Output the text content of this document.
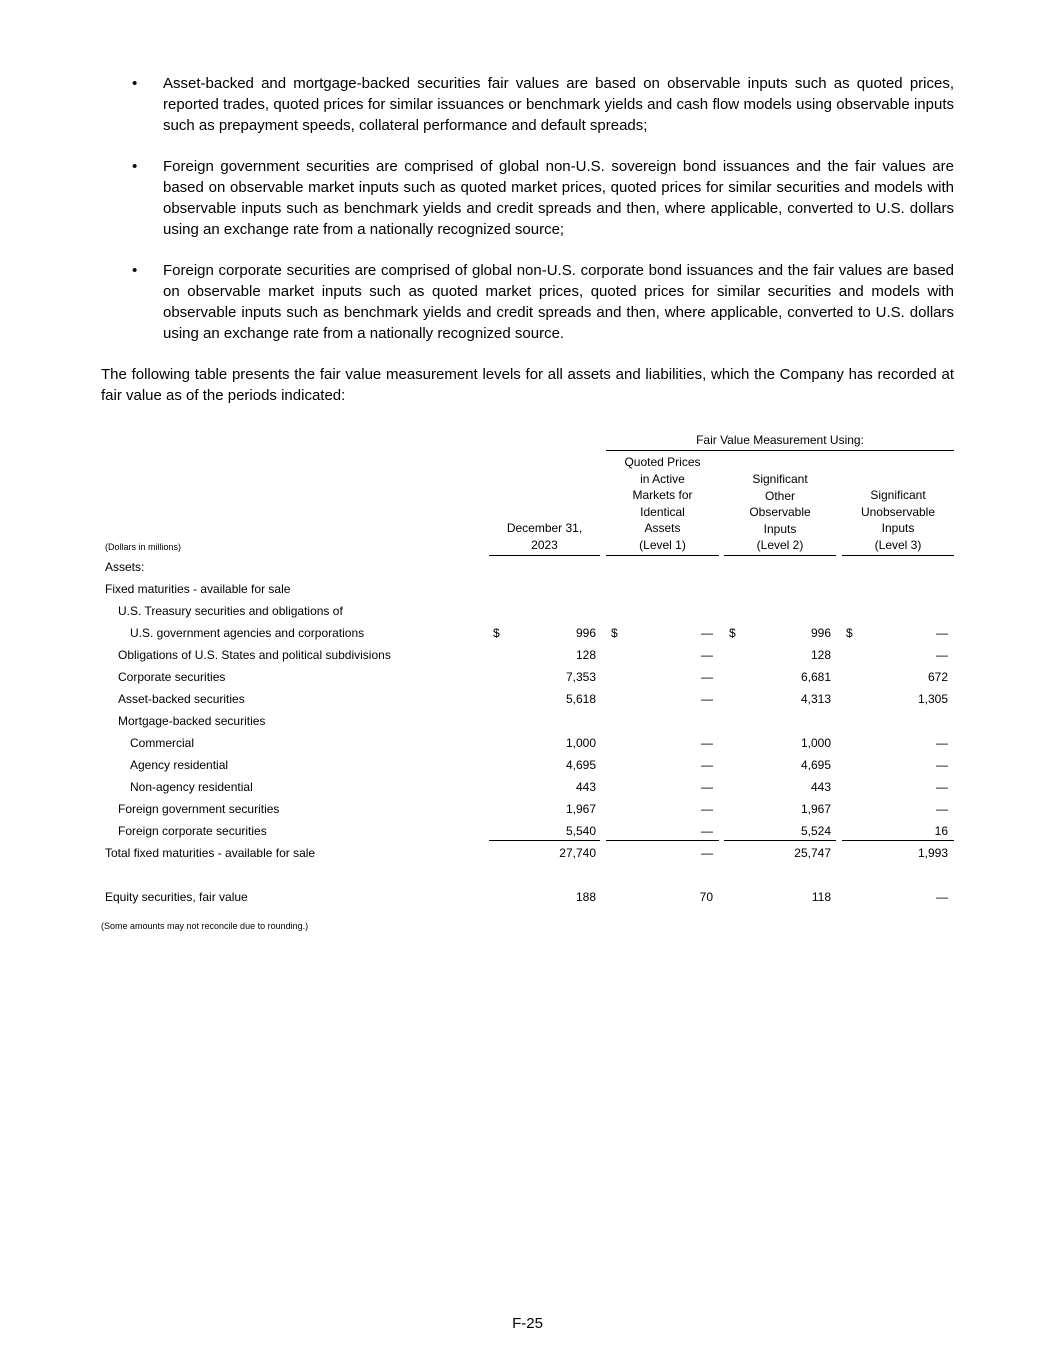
• Asset-backed and mortgage-backed securities fair values are based on observable inputs such as quoted prices, reported trades, quoted prices for similar issuances or benchmark yields and cash flow models using observable inputs such as prepayment speeds, collateral performance and default spreads;
• Foreign government securities are comprised of global non-U.S. sovereign bond issuances and the fair values are based on observable market inputs such as quoted market prices, quoted prices for similar securities and models with observable inputs such as benchmark yields and credit spreads and then, where applicable, converted to U.S. dollars using an exchange rate from a nationally recognized source;
• Foreign corporate securities are comprised of global non-U.S. corporate bond issuances and the fair values are based on observable market inputs such as quoted market prices, quoted prices for similar securities and models with observable inputs such as benchmark yields and credit spreads and then, where applicable, converted to U.S. dollars using an exchange rate from a nationally recognized source.
The following table presents the fair value measurement levels for all assets and liabilities, which the Company has recorded at fair value as of the periods indicated:
Fair Value Measurement Using:
(Dollars in millions)
December 31,
2023
Quoted Prices
in Active
Markets for
Identical
Assets
(Level 1)
Significant
Other
Observable
Inputs
(Level 2)
Significant
Unobservable
Inputs
(Level 3)
Assets:
Fixed maturities - available for sale
U.S. Treasury securities and obligations of
U.S. government agencies and corporations	$	996 $	— $	996 $	—
Obligations of U.S. States and political subdivisions	128	—	128	—
Corporate securities	7,353	—	6,681	672
Asset-backed securities	5,618	—	4,313	1,305
Mortgage-backed securities
Commercial	1,000	—	1,000	—
Agency residential	4,695	—	4,695	—
Non-agency residential	443	—	443	—
Foreign government securities	1,967	—	1,967	—
Foreign corporate securities	5,540	—	5,524	16
Total fixed maturities - available for sale	27,740	—	25,747	1,993
Equity securities, fair value	188	70	118	—
(Some amounts may not reconcile due to rounding.)
F-25
